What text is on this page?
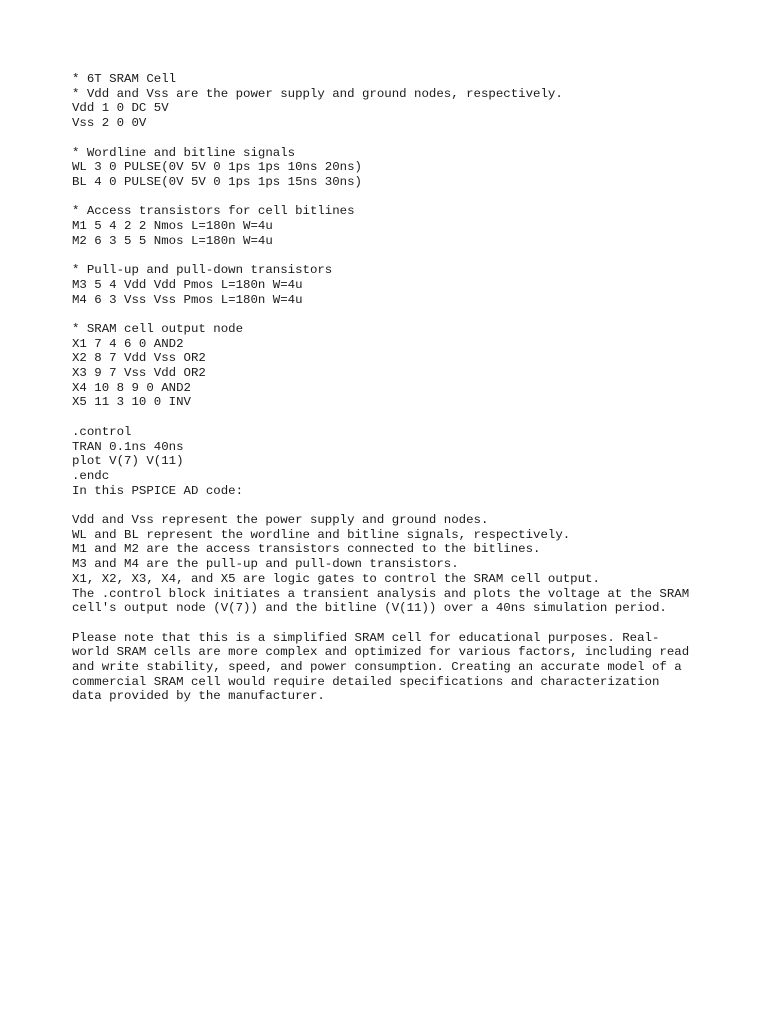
* 6T SRAM Cell
* Vdd and Vss are the power supply and ground nodes, respectively.
Vdd 1 0 DC 5V
Vss 2 0 0V
* Wordline and bitline signals
WL 3 0 PULSE(0V 5V 0 1ps 1ps 10ns 20ns)
BL 4 0 PULSE(0V 5V 0 1ps 1ps 15ns 30ns)
* Access transistors for cell bitlines
M1 5 4 2 2 Nmos L=180n W=4u
M2 6 3 5 5 Nmos L=180n W=4u
* Pull-up and pull-down transistors
M3 5 4 Vdd Vdd Pmos L=180n W=4u
M4 6 3 Vss Vss Pmos L=180n W=4u
* SRAM cell output node
X1 7 4 6 0 AND2
X2 8 7 Vdd Vss OR2
X3 9 7 Vss Vdd OR2
X4 10 8 9 0 AND2
X5 11 3 10 0 INV
.control
TRAN 0.1ns 40ns
plot V(7) V(11)
.endc
In this PSPICE AD code:
Vdd and Vss represent the power supply and ground nodes.
WL and BL represent the wordline and bitline signals, respectively.
M1 and M2 are the access transistors connected to the bitlines.
M3 and M4 are the pull-up and pull-down transistors.
X1, X2, X3, X4, and X5 are logic gates to control the SRAM cell output.
The .control block initiates a transient analysis and plots the voltage at the SRAM
cell's output node (V(7)) and the bitline (V(11)) over a 40ns simulation period.
Please note that this is a simplified SRAM cell for educational purposes. Real-
world SRAM cells are more complex and optimized for various factors, including read
and write stability, speed, and power consumption. Creating an accurate model of a
commercial SRAM cell would require detailed specifications and characterization
data provided by the manufacturer.
